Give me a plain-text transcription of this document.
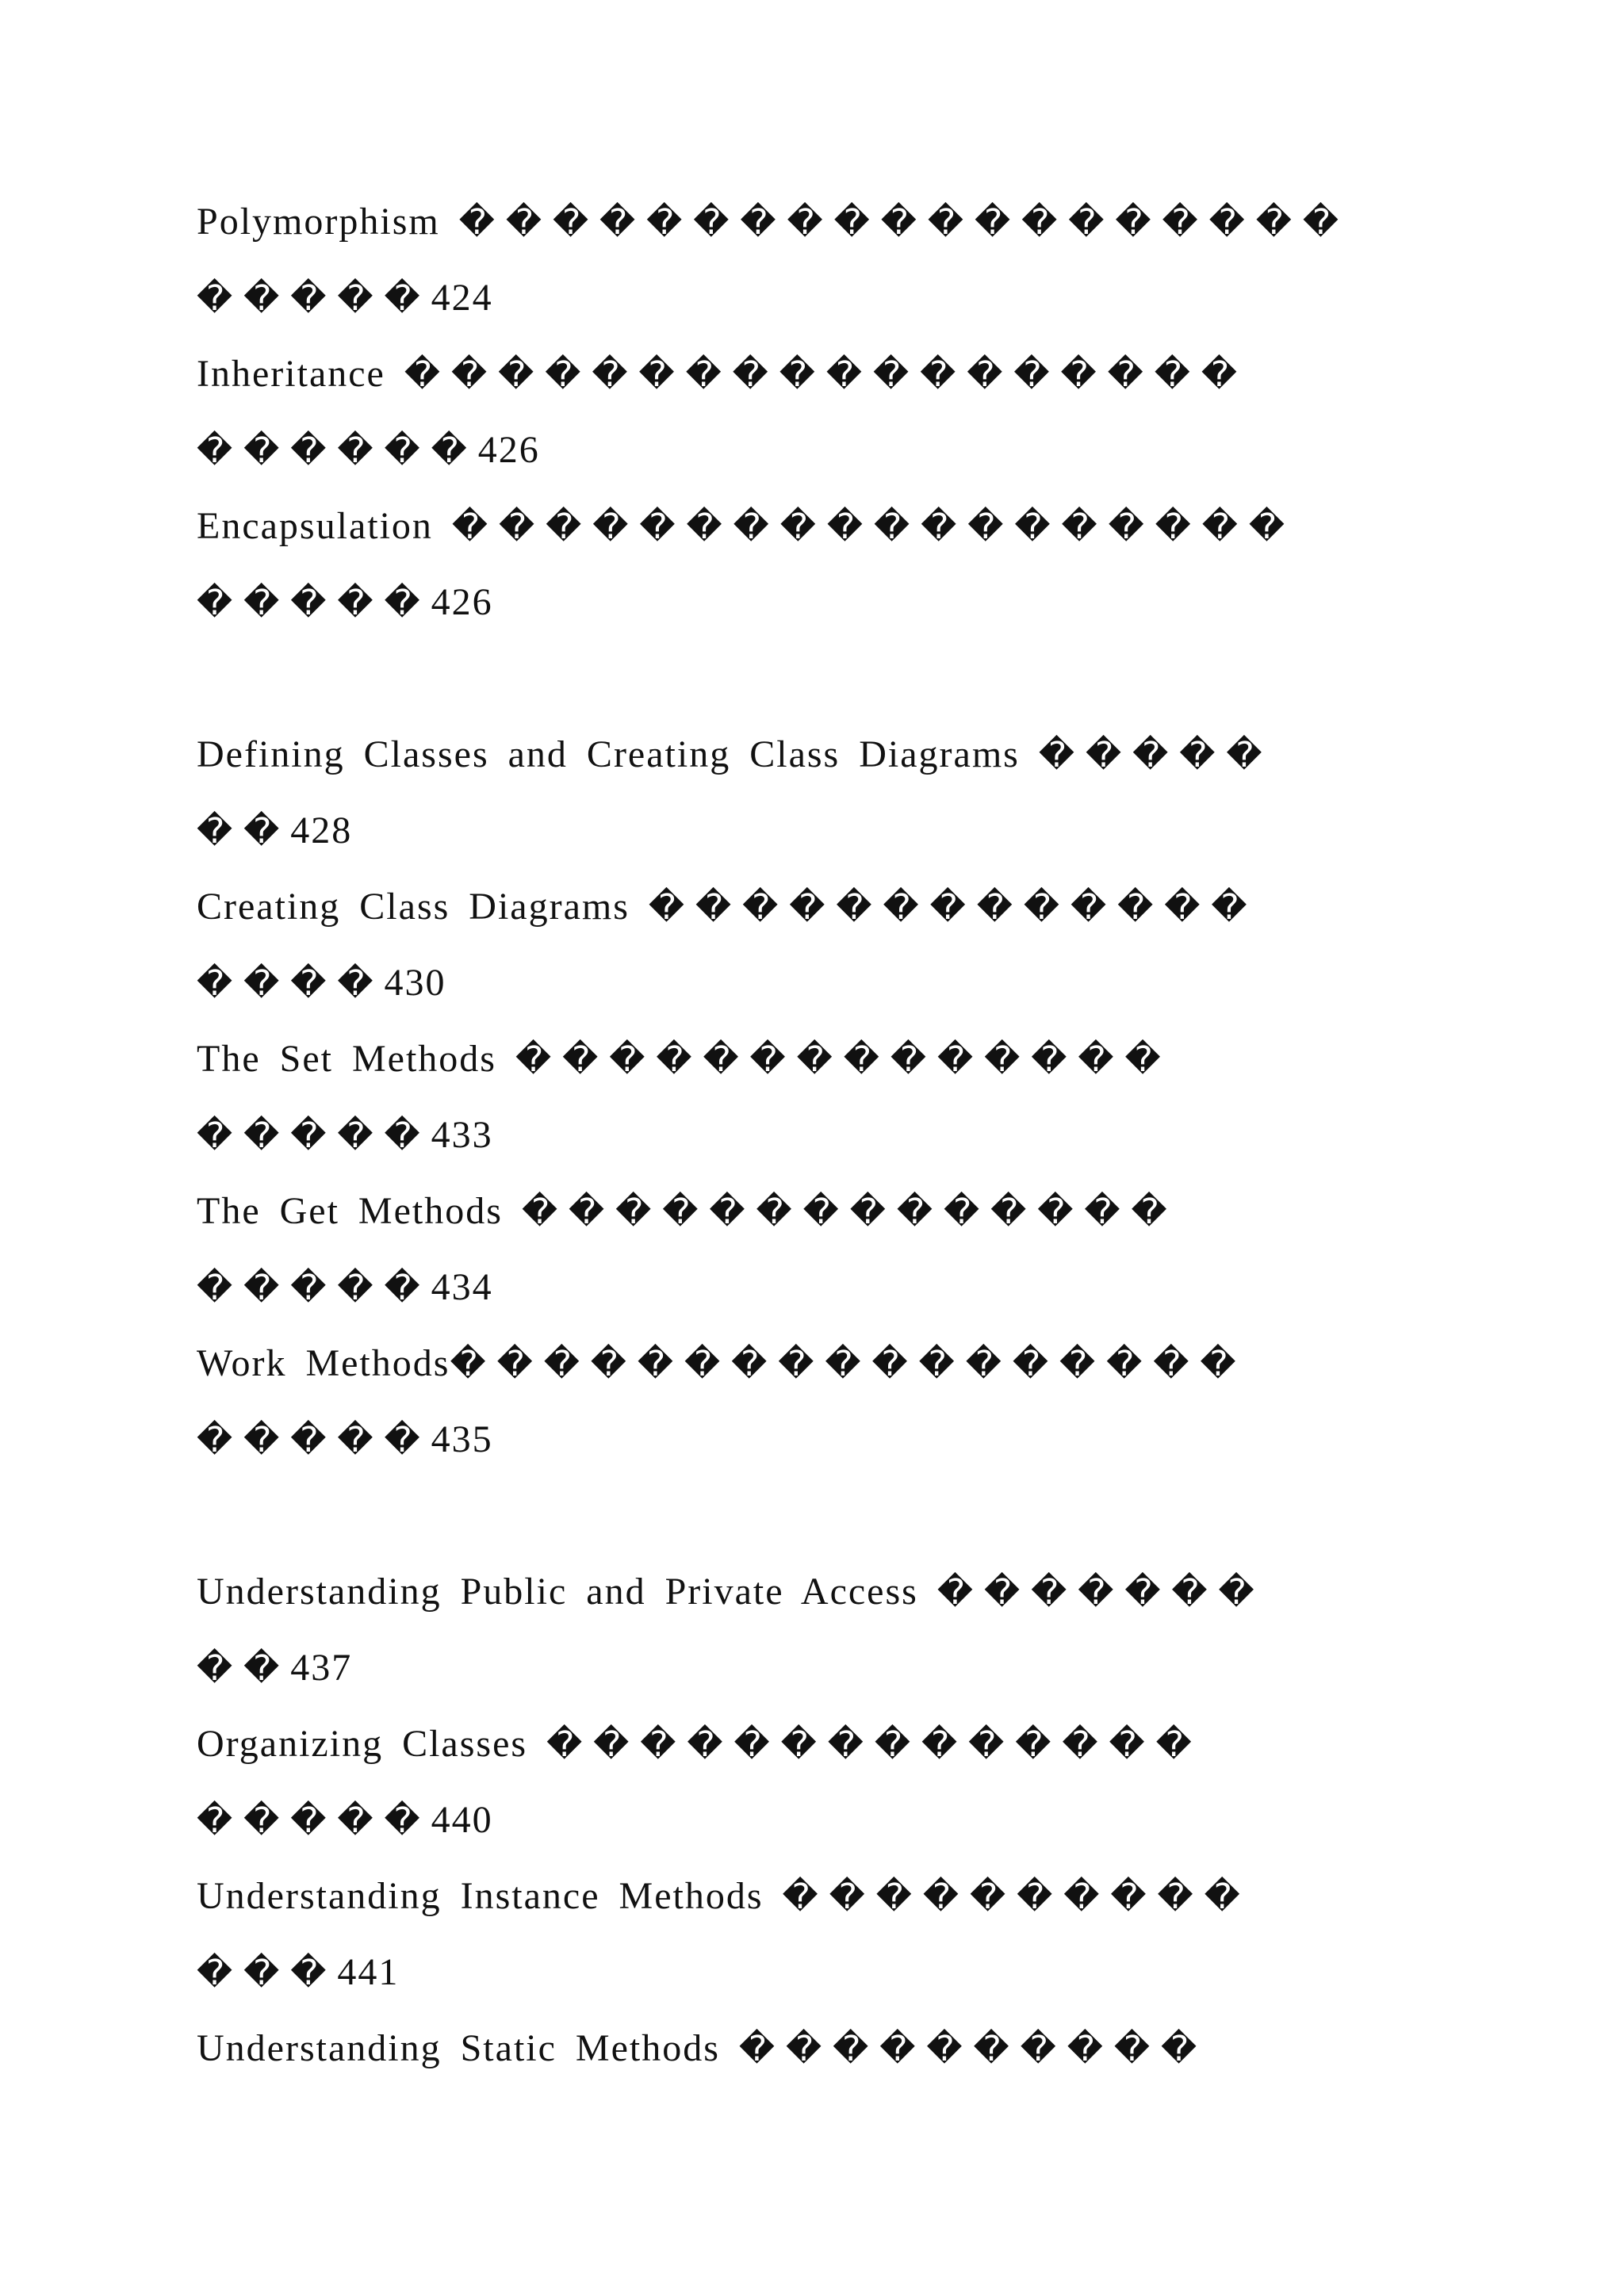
Polymorphism �������������������
�����424
Inheritance ������������������
������426
Encapsulation ������������������
�����426
Defining Classes and Creating Class Diagrams �����
��428
Creating Class Diagrams �������������
����430
The Set Methods ��������������
�����433
The Get Methods ��������������
�����434
Work Methods�����������������
�����435
Understanding Public and Private Access �������
��437
Organizing Classes ��������������
�����440
Understanding Instance Methods ����������
���441
Understanding Static Methods ����������
